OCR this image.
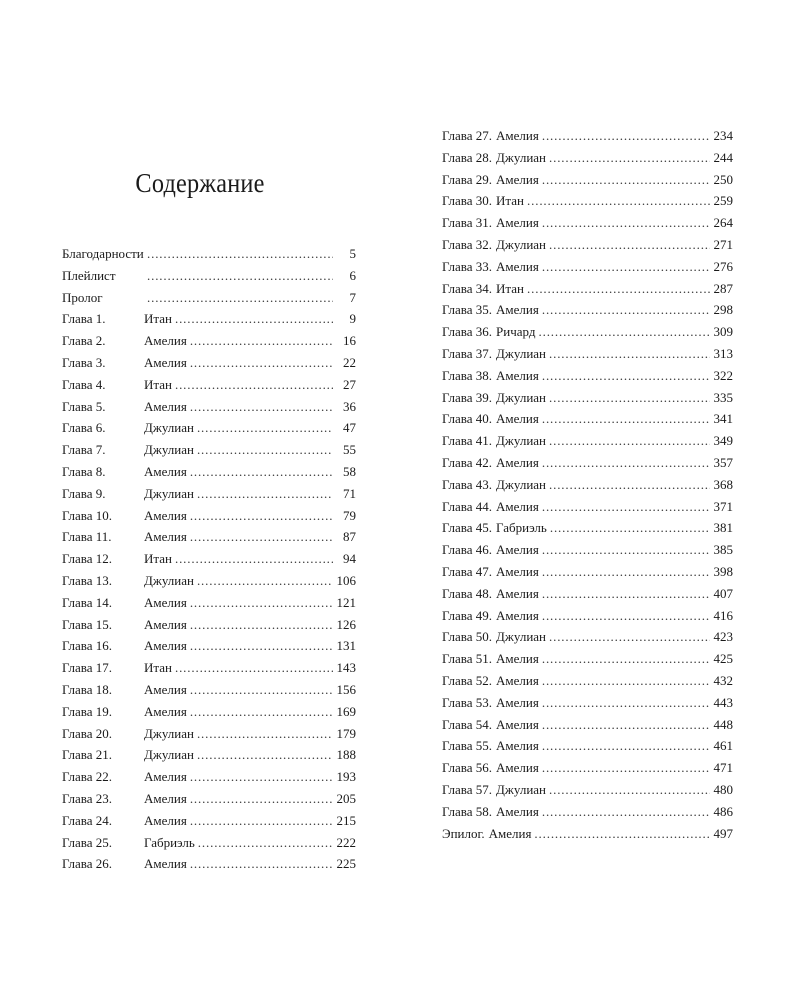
Содержание
Благодарности . . .	5
Плейлист . . .	6
Пролог . . .	7
Глава 1.	Итан . . .	9
Глава 2.	Амелия . . .	16
Глава 3.	Амелия . . .	22
Глава 4.	Итан . . .	27
Глава 5.	Амелия . . .	36
Глава 6.	Джулиан . . .	47
Глава 7.	Джулиан . . .	55
Глава 8.	Амелия . . .	58
Глава 9.	Джулиан . . .	71
Глава 10.	Амелия . . .	79
Глава 11.	Амелия . . .	87
Глава 12.	Итан . . .	94
Глава 13.	Джулиан . . .	106
Глава 14.	Амелия . . .	121
Глава 15.	Амелия . . .	126
Глава 16.	Амелия . . .	131
Глава 17.	Итан . . .	143
Глава 18.	Амелия . . .	156
Глава 19.	Амелия . . .	169
Глава 20.	Джулиан . . .	179
Глава 21.	Джулиан . . .	188
Глава 22.	Амелия . . .	193
Глава 23.	Амелия . . .	205
Глава 24.	Амелия . . .	215
Глава 25.	Габриэль . . .	222
Глава 26.	Амелия . . .	225
Глава 27. Амелия . . .	234
Глава 28. Джулиан . . .	244
Глава 29. Амелия . . .	250
Глава 30. Итан . . .	259
Глава 31. Амелия . . .	264
Глава 32. Джулиан . . .	271
Глава 33. Амелия . . .	276
Глава 34. Итан . . .	287
Глава 35. Амелия . . .	298
Глава 36. Ричард . . .	309
Глава 37. Джулиан . . .	313
Глава 38. Амелия . . .	322
Глава 39. Джулиан . . .	335
Глава 40. Амелия . . .	341
Глава 41. Джулиан . . .	349
Глава 42. Амелия . . .	357
Глава 43. Джулиан . . .	368
Глава 44. Амелия . . .	371
Глава 45. Габриэль . . .	381
Глава 46. Амелия . . .	385
Глава 47. Амелия . . .	398
Глава 48. Амелия . . .	407
Глава 49. Амелия . . .	416
Глава 50. Джулиан . . .	423
Глава 51. Амелия . . .	425
Глава 52. Амелия . . .	432
Глава 53. Амелия . . .	443
Глава 54. Амелия . . .	448
Глава 55. Амелия . . .	461
Глава 56. Амелия . . .	471
Глава 57. Джулиан . . .	480
Глава 58. Амелия . . .	486
Эпилог. Амелия . . .	497
